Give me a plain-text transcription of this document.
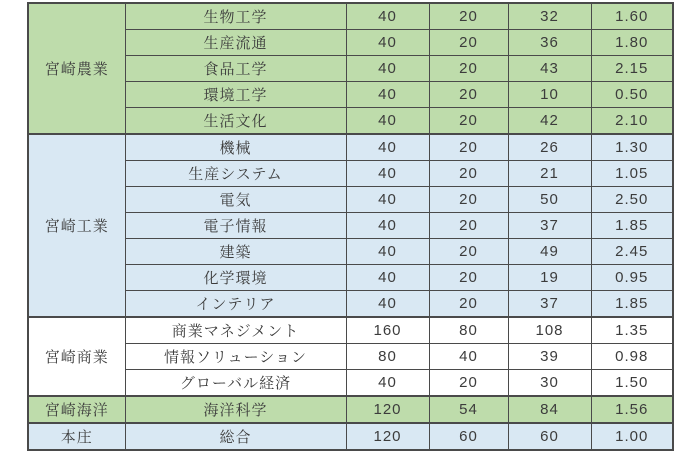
宮崎農業	生物工学	40	20	32	1.60
	生産流通	40	20	36	1.80
	食品工学	40	20	43	2.15
	環境工学	40	20	10	0.50
	生活文化	40	20	42	2.10
宮崎工業	機械	40	20	26	1.30
	生産システム	40	20	21	1.05
	電気	40	20	50	2.50
	電子情報	40	20	37	1.85
	建築	40	20	49	2.45
	化学環境	40	20	19	0.95
	インテリア	40	20	37	1.85
宮崎商業	商業マネジメント	160	80	108	1.35
	情報ソリューション	80	40	39	0.98
	グローバル経済	40	20	30	1.50
宮崎海洋	海洋科学	120	54	84	1.56
本庄	総合	120	60	60	1.00
